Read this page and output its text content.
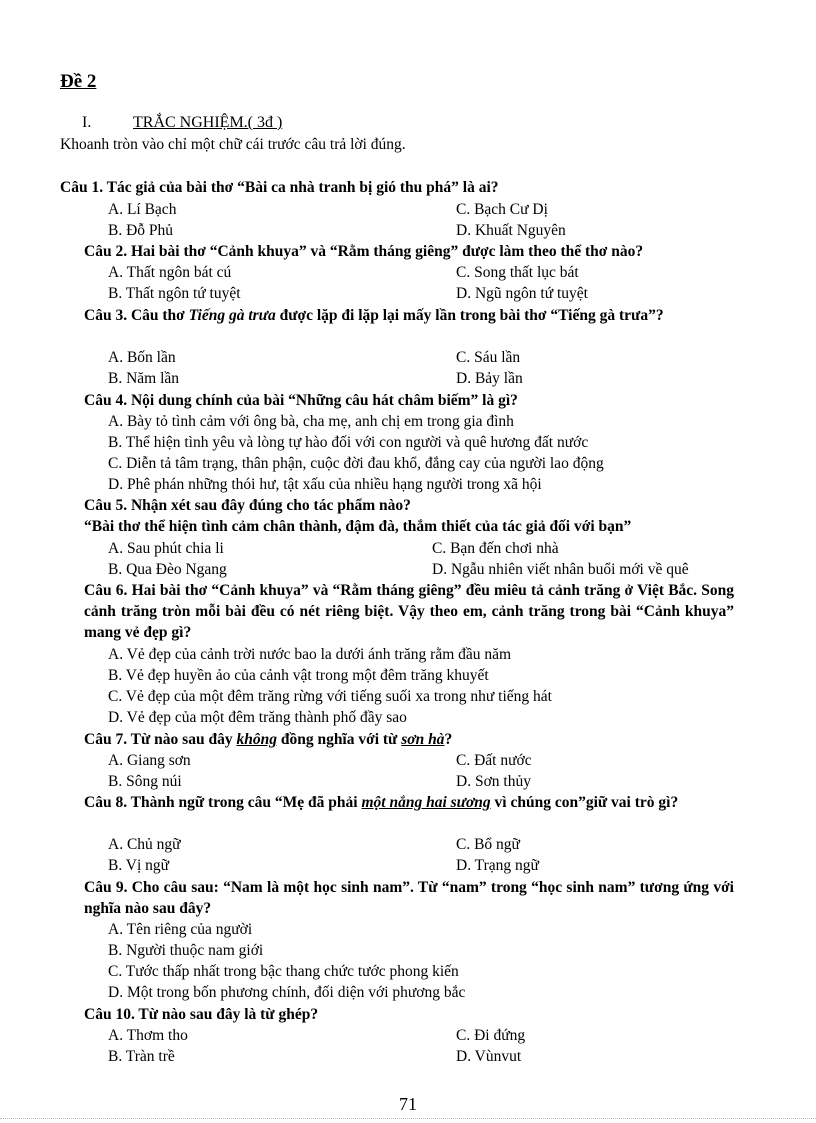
Đề 2
I.	TRẮC NGHIỆM.( 3đ )
Khoanh tròn vào chỉ một chữ cái trước câu trả lời đúng.
Câu 1. Tác giả của bài thơ “Bài ca nhà tranh bị gió thu phá” là ai?
A. Lí Bạch	C. Bạch Cư Dị
B. Đỗ Phủ	D. Khuất Nguyên
Câu 2. Hai bài thơ “Cảnh khuya” và “Rằm tháng giêng” được làm theo thể thơ nào?
A. Thất ngôn bát cú	C. Song thất lục bát
B. Thất ngôn tứ tuyệt	D. Ngũ ngôn tứ tuyệt
Câu 3. Câu thơ Tiếng gà trưa được lặp đi lặp lại mấy lần trong bài thơ “Tiếng gà trưa”?
A. Bốn lần	C. Sáu lần
B. Năm lần	D. Bảy lần
Câu 4. Nội dung chính của bài “Những câu hát châm biếm” là gì?
A. Bày tỏ tình cảm với ông bà, cha mẹ, anh chị em trong gia đình
B. Thể hiện tình yêu và lòng tự hào đối với con người và quê hương đất nước
C. Diễn tả tâm trạng, thân phận, cuộc đời đau khổ, đắng cay của người lao động
D. Phê phán những thói hư, tật xấu của nhiều hạng người trong xã hội
Câu 5. Nhận xét sau đây đúng cho tác phẩm nào?
“Bài thơ thể hiện tình cảm chân thành, đậm đà, thắm thiết của tác giả đối với bạn”
A. Sau phút chia li	C. Bạn đến chơi nhà
B. Qua Đèo Ngang	D. Ngẫu nhiên viết nhân buổi mới về quê
Câu 6. Hai bài thơ “Cảnh khuya” và “Rằm tháng giêng” đều miêu tả cảnh trăng ở Việt Bắc. Song cảnh trăng tròn mỗi bài đều có nét riêng biệt. Vậy theo em, cảnh trăng trong bài “Cảnh khuya” mang vẻ đẹp gì?
A. Vẻ đẹp của cảnh trời nước bao la dưới ánh trăng rằm đầu năm
B. Vẻ đẹp huyền ảo của cảnh vật trong một đêm trăng khuyết
C. Vẻ đẹp của một đêm trăng rừng với tiếng suối xa trong như tiếng hát
D. Vẻ đẹp của một đêm trăng thành phố đầy sao
Câu 7. Từ nào sau đây không đồng nghĩa với từ sơn hà?
A. Giang sơn	C. Đất nước
B. Sông núi	D. Sơn thủy
Câu 8. Thành ngữ trong câu “Mẹ đã phải một nắng hai sương vì chúng con”giữ vai trò gì?
A. Chủ ngữ	C. Bổ ngữ
B. Vị ngữ	D. Trạng ngữ
Câu 9. Cho câu sau: “Nam là một học sinh nam”. Từ “nam” trong “học sinh nam” tương ứng với nghĩa nào sau đây?
A. Tên riêng của người
B. Người thuộc nam giới
C. Tước thấp nhất trong bậc thang chức tước phong kiến
D. Một trong bốn phương chính, đối diện với phương bắc
Câu 10. Từ nào sau đây là từ ghép?
A. Thơm tho	C. Đi đứng
B. Tràn trề	D. Vùnvut
71
